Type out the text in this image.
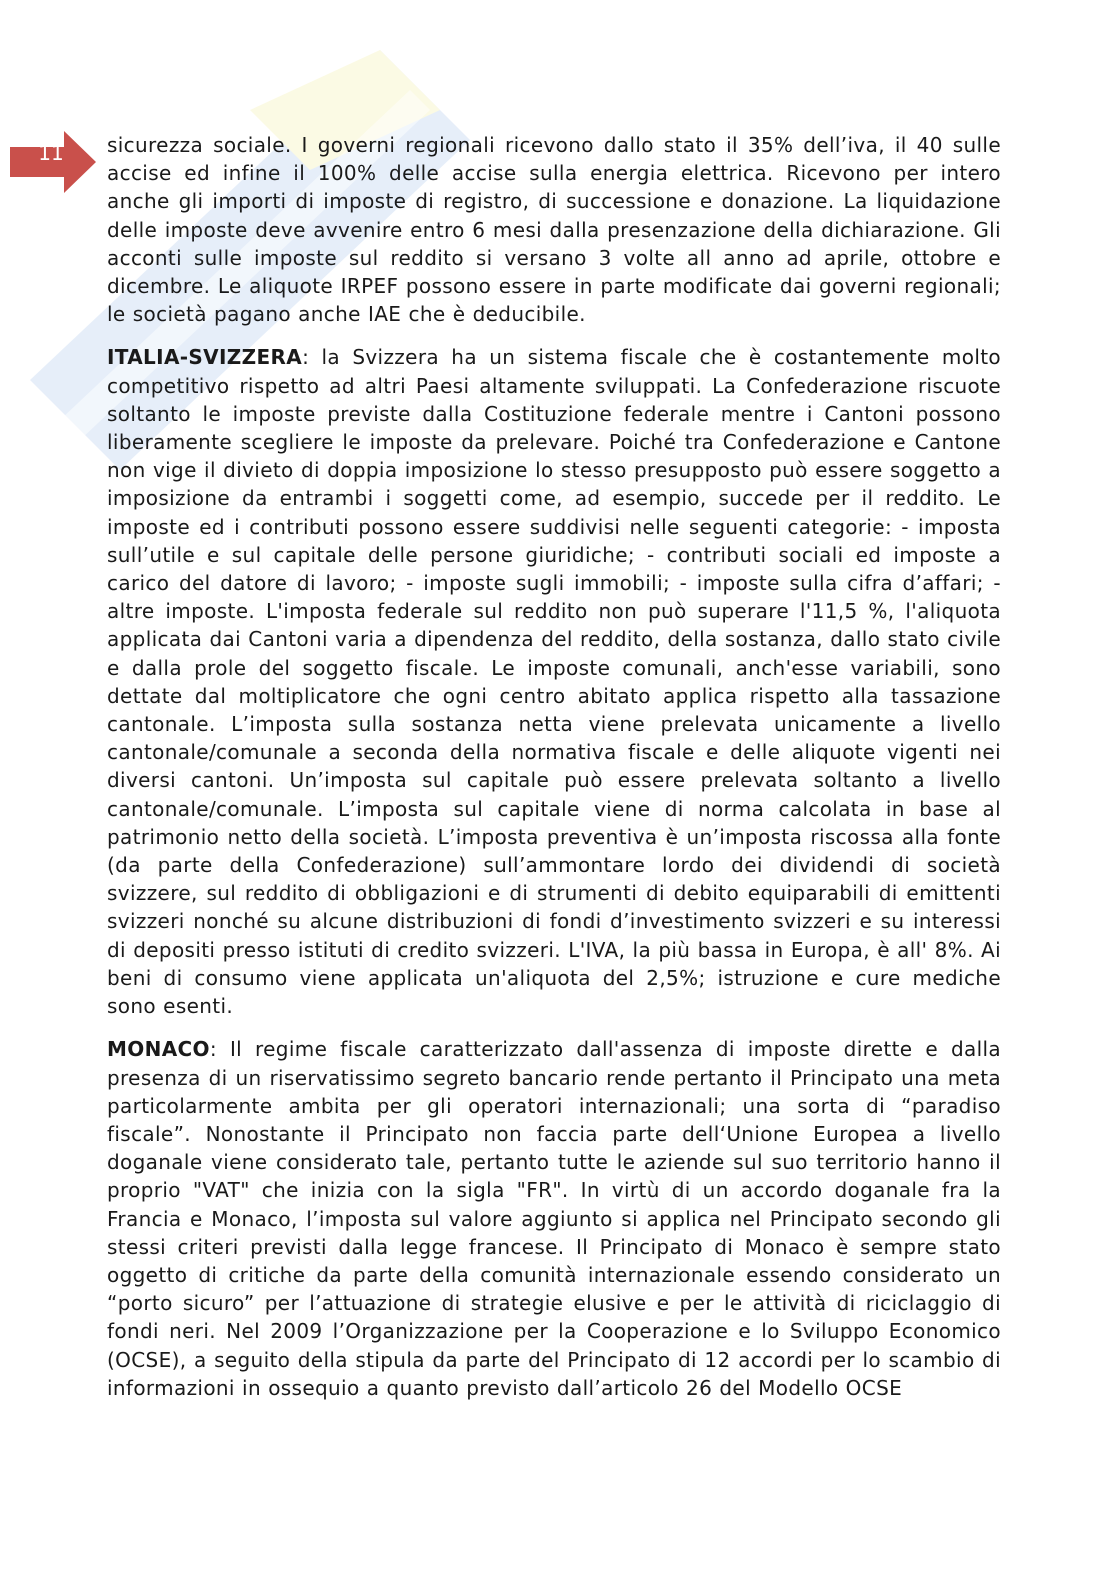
11	sicurezza sociale. I governi regionali ricevono dallo stato il 35% dell’iva, il 40 sulle accise ed infine il 100% delle accise sulla energia elettrica. Ricevono per intero anche gli importi di imposte di registro, di successione e donazione. La liquidazione delle imposte deve avvenire entro 6 mesi dalla presenzazione della dichiarazione. Gli acconti sulle imposte sul reddito si versano 3 volte all anno ad aprile, ottobre e dicembre. Le aliquote IRPEF possono essere in parte modificate dai governi regionali; le società pagano anche IAE che è deducibile.

ITALIA-SVIZZERA: la Svizzera ha un sistema fiscale che è costantemente molto competitivo rispetto ad altri Paesi altamente sviluppati. La Confederazione riscuote soltanto le imposte previste dalla Costituzione federale mentre i Cantoni possono liberamente scegliere le imposte da prelevare. Poiché tra Confederazione e Cantone non vige il divieto di doppia imposizione lo stesso presupposto può essere soggetto a imposizione da entrambi i soggetti come, ad esempio, succede per il reddito. Le imposte ed i contributi possono essere suddivisi nelle seguenti categorie: - imposta sull’utile e sul capitale delle persone giuridiche; - contributi sociali ed imposte a carico del datore di lavoro; - imposte sugli immobili; - imposte sulla cifra d’affari; - altre imposte. L'imposta federale sul reddito non può superare l'11,5 %, l'aliquota applicata dai Cantoni varia a dipendenza del reddito, della sostanza, dallo stato civile e dalla prole del soggetto fiscale. Le imposte comunali, anch'esse variabili, sono dettate dal moltiplicatore che ogni centro abitato applica rispetto alla tassazione cantonale. L’imposta sulla sostanza netta viene prelevata unicamente a livello cantonale/comunale a seconda della normativa fiscale e delle aliquote vigenti nei diversi cantoni. Un’imposta sul capitale può essere prelevata soltanto a livello cantonale/comunale. L’imposta sul capitale viene di norma calcolata in base al patrimonio netto della società. L’imposta preventiva è un’imposta riscossa alla fonte (da parte della Confederazione) sull’ammontare lordo dei dividendi di società svizzere, sul reddito di obbligazioni e di strumenti di debito equiparabili di emittenti svizzeri nonché su alcune distribuzioni di fondi d’investimento svizzeri e su interessi di depositi presso istituti di credito svizzeri. L'IVA, la più bassa in Europa, è all' 8%. Ai beni di consumo viene applicata un'aliquota del 2,5%; istruzione e cure mediche sono esenti.

MONACO: Il regime fiscale caratterizzato dall'assenza di imposte dirette e dalla presenza di un riservatissimo segreto bancario rende pertanto il Principato una meta particolarmente ambita per gli operatori internazionali; una sorta di “paradiso fiscale”. Nonostante il Principato non faccia parte dell‘Unione Europea a livello doganale viene considerato tale, pertanto tutte le aziende sul suo territorio hanno il proprio "VAT" che inizia con la sigla "FR". In virtù di un accordo doganale fra la Francia e Monaco, l’imposta sul valore aggiunto si applica nel Principato secondo gli stessi criteri previsti dalla legge francese. Il Principato di Monaco è sempre stato oggetto di critiche da parte della comunità internazionale essendo considerato un “porto sicuro” per l’attuazione di strategie elusive e per le attività di riciclaggio di fondi neri. Nel 2009 l’Organizzazione per la Cooperazione e lo Sviluppo Economico (OCSE), a seguito della stipula da parte del Principato di 12 accordi per lo scambio di informazioni in ossequio a quanto previsto dall’articolo 26 del Modello OCSE
